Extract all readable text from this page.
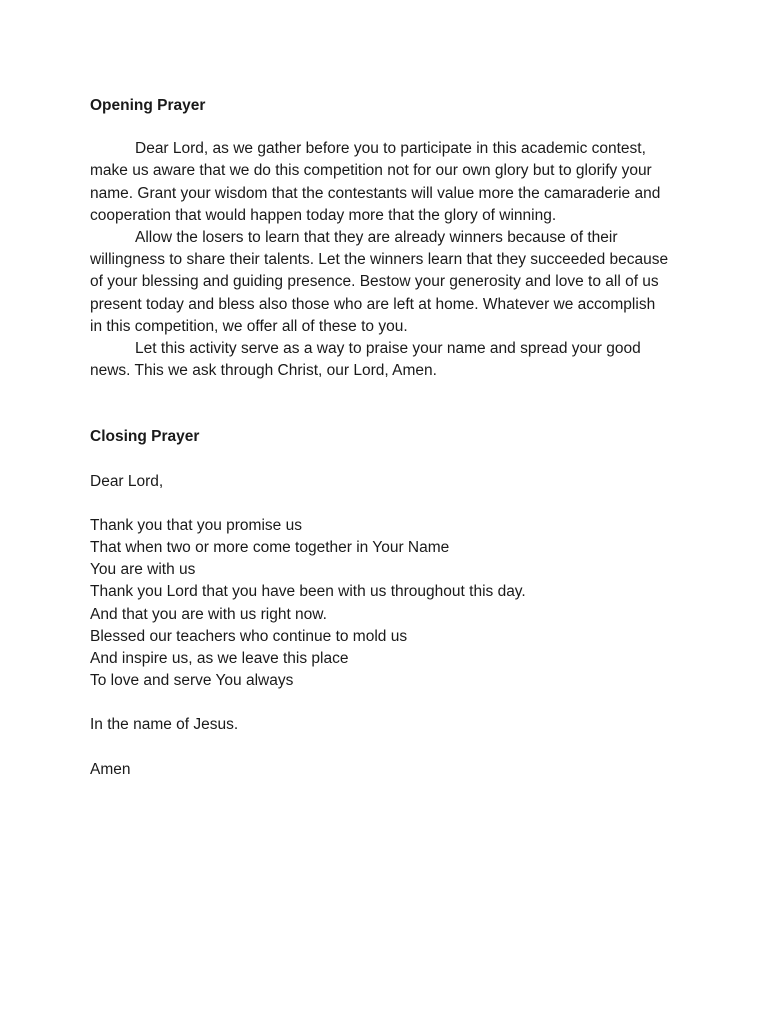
Opening Prayer

Dear Lord, as we gather before you to participate in this academic contest, make us aware that we do this competition not for our own glory but to glorify your name. Grant your wisdom that the contestants will value more the camaraderie and cooperation that would happen today more that the glory of winning.

Allow the losers to learn that they are already winners because of their willingness to share their talents. Let the winners learn that they succeeded because of your blessing and guiding presence. Bestow your generosity and love to all of us present today and bless also those who are left at home. Whatever we accomplish in this competition, we offer all of these to you.

Let this activity serve as a way to praise your name and spread your good news. This we ask through Christ, our Lord, Amen.

Closing Prayer

Dear Lord,

Thank you that you promise us

That when two or more come together in Your Name

You are with us

Thank you Lord that you have been with us throughout this day.

And that you are with us right now.

Blessed our teachers who continue to mold us

And inspire us, as we leave this place

To love and serve You always

In the name of Jesus.

Amen
